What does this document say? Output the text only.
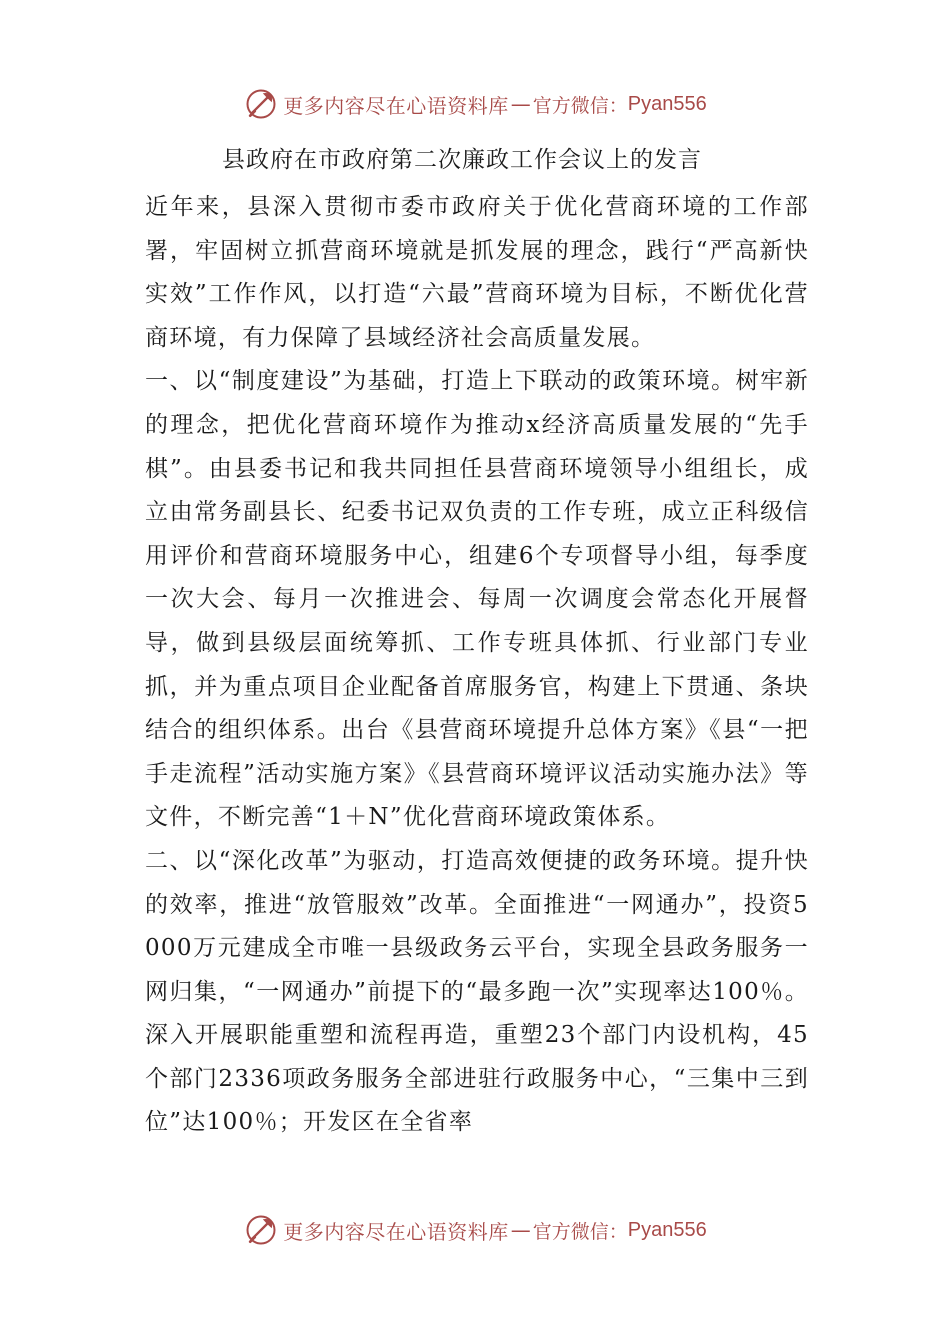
更多内容尽在心语资料库 — 官方微信： Pyan556
县政府在市政府第二次廉政工作会议上的发言

近年来，县深入贯彻市委市政府关于优化营商环境的工作部署，牢固树立抓营商环境就是抓发展的理念，践行“严高新快实效”工作作风，以打造“六最”营商环境为目标，不断优化营商环境，有力保障了县域经济社会高质量发展。

一、以“制度建设”为基础，打造上下联动的政策环境。树牢新的理念，把优化营商环境作为推动x经济高质量发展的“先手棋”。由县委书记和我共同担任县营商环境领导小组组长，成立由常务副县长、纪委书记双负责的工作专班，成立正科级信用评价和营商环境服务中心，组建6个专项督导小组，每季度一次大会、每月一次推进会、每周一次调度会常态化开展督导，做到县级层面统筹抓、工作专班具体抓、行业部门专业抓，并为重点项目企业配备首席服务官，构建上下贯通、条块结合的组织体系。出台《县营商环境提升总体方案》《县“一把手走流程”活动实施方案》《县营商环境评议活动实施办法》等文件，不断完善“1＋N”优化营商环境政策体系。

二、以“深化改革”为驱动，打造高效便捷的政务环境。提升快的效率，推进“放管服效”改革。全面推进“一网通办”，投资5000万元建成全市唯一县级政务云平台，实现全县政务服务一网归集，“一网通办”前提下的“最多跑一次”实现率达100％。深入开展职能重塑和流程再造，重塑23个部门内设机构，45个部门2336项政务服务全部进驻行政服务中心，“三集中三到位”达100％；开发区在全省率

更多内容尽在心语资料库 — 官方微信： Pyan556
